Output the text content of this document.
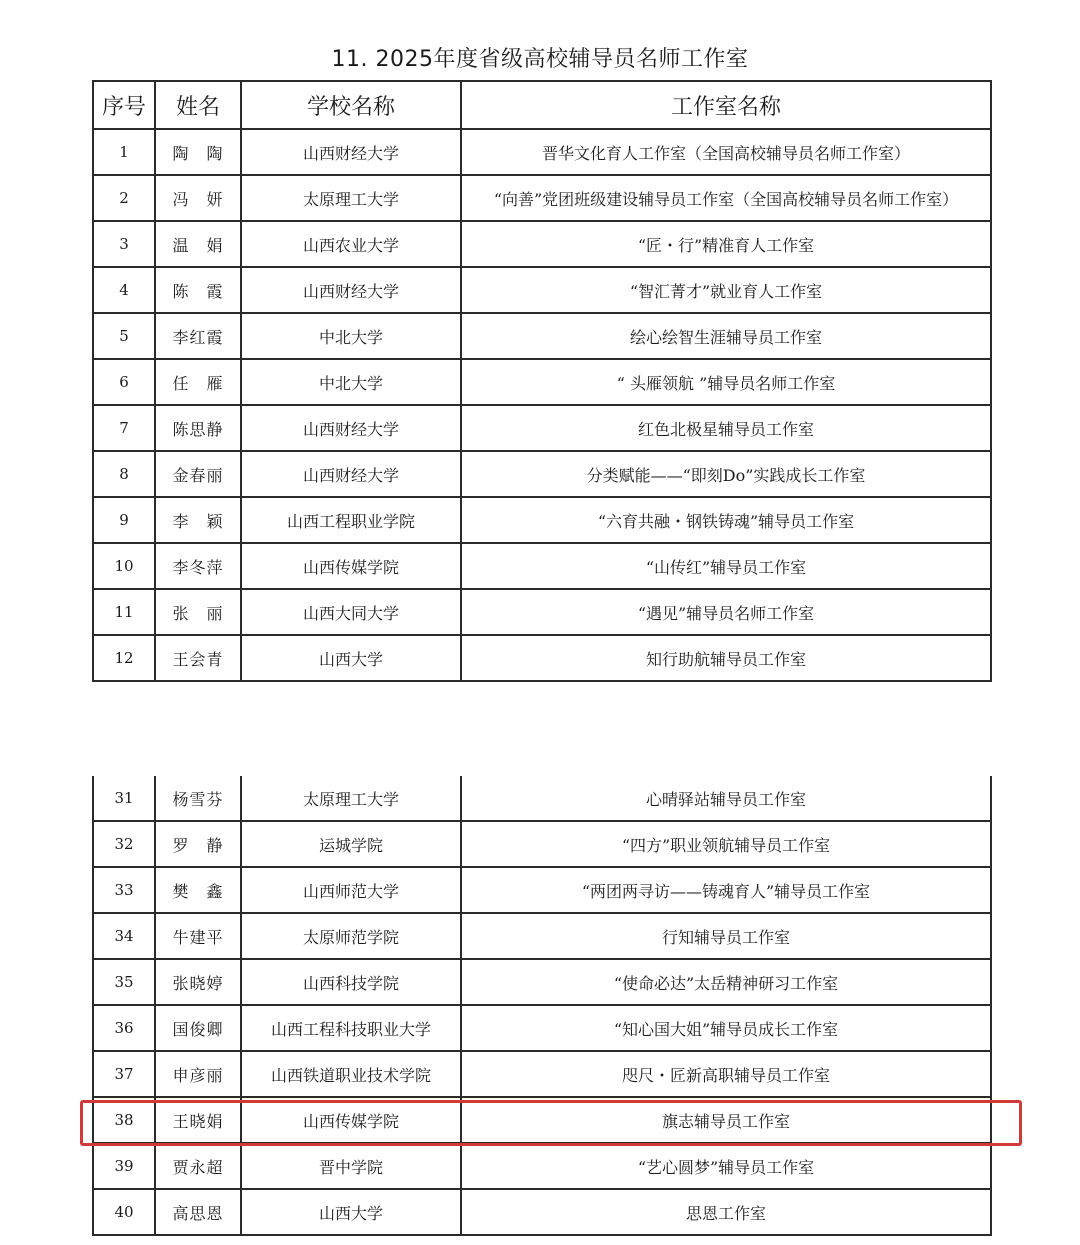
11. 2025年度省级高校辅导员名师工作室
序号	姓名	学校名称	工作室名称
1	陶　陶	山西财经大学	晋华文化育人工作室（全国高校辅导员名师工作室）
2	冯　妍	太原理工大学	“向善”党团班级建设辅导员工作室（全国高校辅导员名师工作室）
3	温　娟	山西农业大学	“匠・行”精准育人工作室
4	陈　霞	山西财经大学	“智汇菁才”就业育人工作室
5	李红霞	中北大学	绘心绘智生涯辅导员工作室
6	任　雁	中北大学	“ 头雁领航 ”辅导员名师工作室
7	陈思静	山西财经大学	红色北极星辅导员工作室
8	金春丽	山西财经大学	分类赋能——“即刻Do”实践成长工作室
9	李　颖	山西工程职业学院	“六育共融・钢铁铸魂”辅导员工作室
10	李冬萍	山西传媒学院	“山传红”辅导员工作室
11	张　丽	山西大同大学	“遇见”辅导员名师工作室
12	王会青	山西大学	知行助航辅导员工作室
31	杨雪芬	太原理工大学	心晴驿站辅导员工作室
32	罗　静	运城学院	“四方”职业领航辅导员工作室
33	樊　鑫	山西师范大学	“两团两寻访——铸魂育人”辅导员工作室
34	牛建平	太原师范学院	行知辅导员工作室
35	张晓婷	山西科技学院	“使命必达”太岳精神研习工作室
36	国俊卿	山西工程科技职业大学	“知心国大姐”辅导员成长工作室
37	申彦丽	山西铁道职业技术学院	咫尺・匠新高职辅导员工作室
38	王晓娟	山西传媒学院	旗志辅导员工作室
39	贾永超	晋中学院	“艺心圆梦”辅导员工作室
40	高思恩	山西大学	思恩工作室
